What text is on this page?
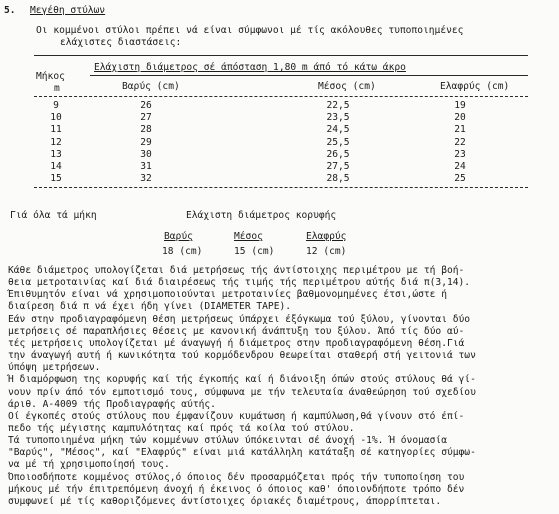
5. Μεγέθη στύλων
Οι κομμένοι στύλοι πρέπει νά είναι σύμφωνοι μέ τίς ακόλουθες τυποποιημένες
ελάχιστες διαστάσεις:
Ελάχιστη διάμετρος σέ άπόσταση 1,80 m άπό τό κάτω άκρο
Μήκος
m	Βαρύς (cm)	Μέσος (cm)	Ελαφρύς (cm)
9	26	22,5	19
10	27	23,5	20
11	28	24,5	21
12	29	25,5	22
13	30	26,5	23
14	31	27,5	24
15	32	28,5	25
Γιά όλα τά μήκη	Ελάχιστη διάμετρος κορυφής
Βαρύς	Μέσος	Ελαφρύς
18 (cm)	15 (cm)	12 (cm)
Κάθε διάμετρος υπολογίζεται διά μετρήσεως τής άντίστοιχης περιμέτρου με τή βοή-
θεια μετροταινίας καί διά διαιρέσεως τής τιμής τής περιμέτρου αύτής διά π(3,14).
Έπιθυμητόν είναι νά χρησιμοποιούνται μετροταινίες βαθμονομημένες έτσι,ώστε ή
διαίρεση διά π νά έχει ήδη γίνει (DIAMETER TAPE).
Εάν στην προδιαγραφόμενη θέση μετρήσεως ύπάρχει έξόγκωμα τού ξύλου, γίνονται δύο
μετρήσεις σέ παραπλήσιες θέσεις με κανονική άνάπτυξη του ξύλου. Άπό τίς δύο αύ-
τές μετρήσεις υπολογίζεται μέ άναγωγή ή διάμετρος στην προδιαγραφόμενη θέση.Γιά
την άναγωγή αυτή ή κωνικότητα τού κορμόδενδρου θεωρείται σταθερή στή γειτονιά των
ύπόψη μετρήσεων.
Ή διαμόρφωση της κορυφής καί τής έγκοπής καί ή διάνοιξη όπών στούς στύλους θά γί-
νουν πρίν άπό τόν εμποτισμό τους, σύμφωνα με τήν τελευταία άναθεώρηση τού σχεδίου
άριθ. Α-4009 τής Προδιαγραφής αύτής.
Οί έγκοπές στούς στύλους που έμφανίζουν κυμάτωση ή καμπύλωση,θά γίνουν στό έπί-
πεδο τής μέγιστης καμπυλότητας καί πρός τά κοίλα τού στύλου.
Τά τυποποιημένα μήκη τών κομμένων στύλων ύπόκεινται σέ άνοχή -1%. Ή όνομασία
"Βαρύς", "Μέσος", καί "Ελαφρύς" είναι μιά κατάλληλη κατάταξη σέ κατηγορίες σύμφω-
να μέ τή χρησιμοποίησή τους.
Όποιοσδήποτε κομμένος στύλος,ό όποιος δέν προσαρμόζεται πρός τήν τυποποίηση του
μήκους μέ τήν έπιτρεπόμενη άνοχή ή έκεινος ό όποιος καθ' όποιονδήποτε τρόπο δέν
συμφωνεί μέ τίς καθοριζόμενες άντίστοιχες όριακές διαμέτρους, άπορρίπτεται.
